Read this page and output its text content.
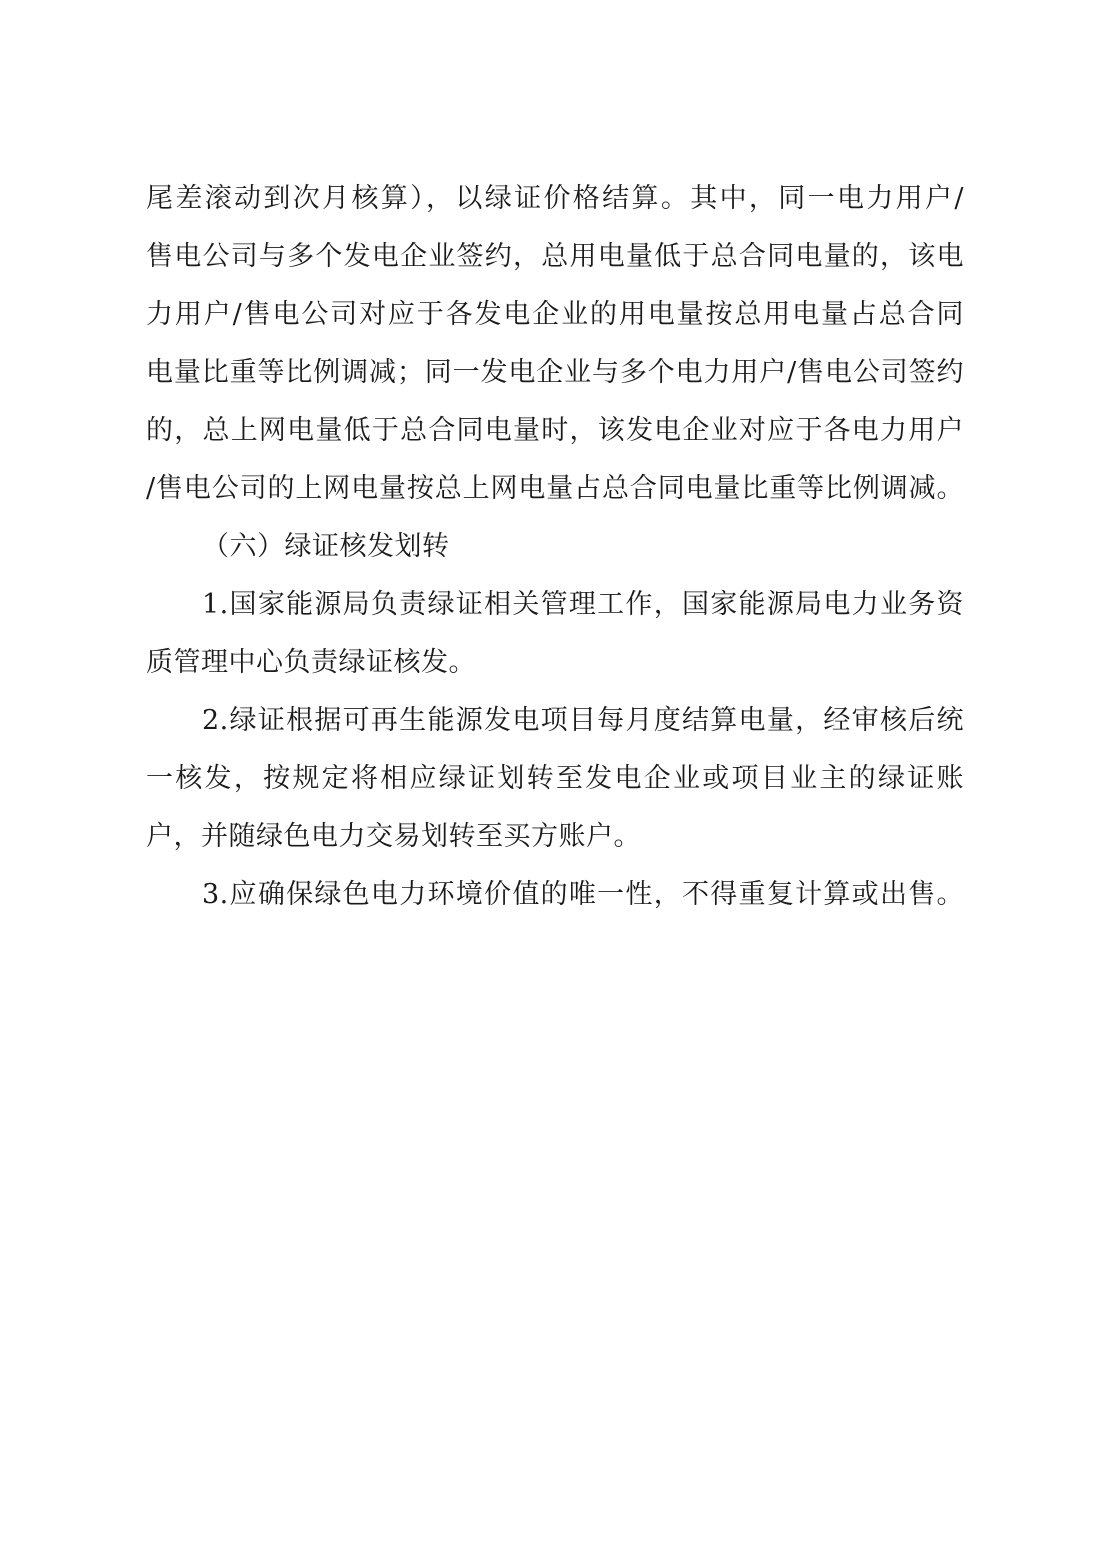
尾差滚动到次月核算），以绿证价格结算。其中，同一电力用户/
售电公司与多个发电企业签约，总用电量低于总合同电量的，该电
力用户/售电公司对应于各发电企业的用电量按总用电量占总合同
电量比重等比例调减；同一发电企业与多个电力用户/售电公司签约
的，总上网电量低于总合同电量时，该发电企业对应于各电力用户
/售电公司的上网电量按总上网电量占总合同电量比重等比例调减。
（六）绿证核发划转
1.国家能源局负责绿证相关管理工作，国家能源局电力业务资
质管理中心负责绿证核发。
2.绿证根据可再生能源发电项目每月度结算电量，经审核后统
一核发，按规定将相应绿证划转至发电企业或项目业主的绿证账
户，并随绿色电力交易划转至买方账户。
3.应确保绿色电力环境价值的唯一性，不得重复计算或出售。
